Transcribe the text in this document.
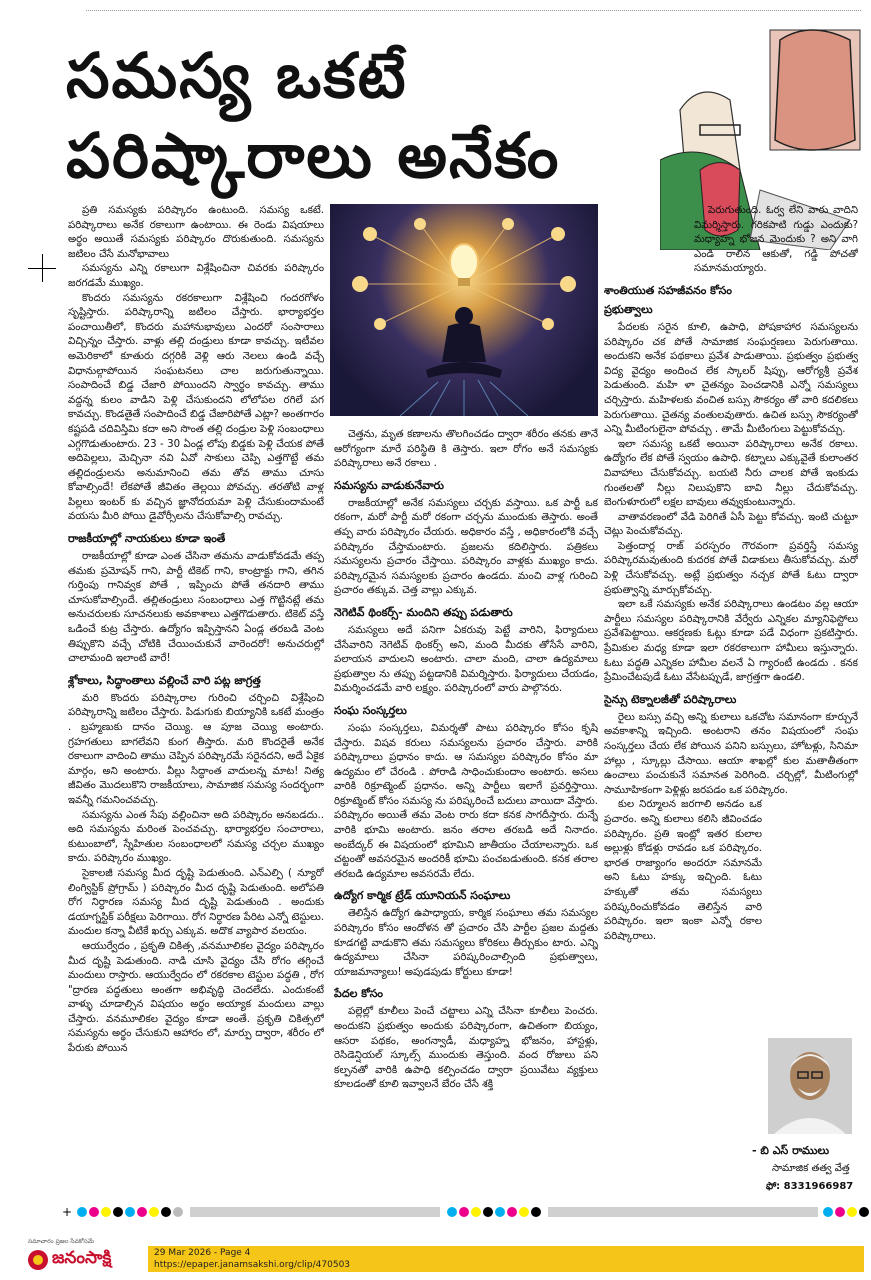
సమస్య ఒకటే
పరిష్కారాలు అనేకం

ప్రతి సమస్యకు పరిష్కారం ఉంటుంది. సమస్య ఒకటే. పరిష్కారాలు అనేక రకాలుగా ఉంటాయి. ఈ రెండు విషయాలు అర్థం అయితే సమస్యకు పరిష్కారం దొరుకుతుంది. సమస్యను జటిలం చేసే మనోభావాలు

సమస్యను ఎన్ని రకాలుగా విశ్లేషించినా చివరకు పరిష్కారం జరగడమే ముఖ్యం.

కొందరు సమస్యను రకరకాలుగా విశ్లేషించి గందరగోళం సృష్టిస్తారు. పరిష్కారాన్ని జటిలం చేస్తారు. భార్యాభర్తల పంచాయితీలో, కొందరు మహానుభావులు ఎందరో సంసారాలు విచ్చిన్నం చేస్తారు. వాళ్లు తల్లి దండ్రులు కూడా కావచ్చు. ఇటీవల అమెరికాలో కూతురు దగ్గరికి వెళ్లి ఆరు నెలలు ఉండి వచ్చే విధానుల్గాపోయిన సంఘటనలు చాల జరుగుతున్నాయి. సంపాదించే బిడ్డ చేజారి పోయిందని స్వార్థం కావచ్చు. తాము వద్దన్న కులం వాడిని పెళ్లి చేసుకుందని లోలోపల రగిలే పగ కావచ్చు. కొండతైతే సంపాదించే బిడ్డ చేజారిపోతే ఎట్లా? అంతగారం కష్టపడి చదివిస్తిమి కదా అని సొంత తల్లి దండ్రుల పెళ్లి సంబంధాలు ఎగ్గగొడుతుంటారు. 23 - 30 ఏండ్ల లోపు బిడ్డకు పెళ్లి చేయక పోతే అదిపెల్లలు, మెచ్చినా నవి ఏవో సాకులు చెప్పి ఎత్తగొట్టే తమ తల్లిదండ్రులను అనుమానించి తమ తోవ తాము చూసు కోవాల్సిందే! లేకపోతే జీవితం తెల్లయి పోవచ్చు. తరతోటి వాళ్ల పిల్లలు ఇంటర్ కు వచ్చిన జ్ఞానోదయమా పెళ్లి చేసుకుందామంటే వయసు మీరి పోయి డైవోర్సీలను చేసుకోవాల్సి రావచ్చు.

రాజకీయాల్లో నాయకులు కూడా ఇంతే

రాజకీయాల్లో కూడా ఎంత చేసినా తమను వాడుకోవడమే తప్ప తమకు ప్రమోషన్ గాని, పార్టీ టికెట్ గాని, కాంట్రాక్టు గాని, తగిన గుర్తింపు గానివ్వక పోతే , ఇప్పించు పోతే తనదారి తాము చూసుకోవాల్సిందే. తల్లితండ్రులు సంబంధాలు ఎత్త గొట్టినట్లే తమ అనుచరులకు సూచనలుకు అవకాశాలు ఎత్తగొడుతారు. టికెట్ వస్తే ఒడించే కుట్ర చేస్తారు. ఉద్యోగం ఇప్పిస్తానని ఏండ్ల తరబడి వెంట తిప్పుకొని వచ్చే చోటికి చేయించుకునే వారెందరో! అనుచరుల్లో చాలామంది ఇలాంటి వారే!

శ్లోకాలు, సిద్ధాంతాలు వల్లించే వారి పట్ల జాగ్రత్త

మరి కొందరు పరిష్కారాల గురించి చర్చించి విశ్లేషించి పరిష్కారాన్ని జటిలం చేస్తారు. పిడుగుకు బియ్యానికి ఒకటే మంత్రం . బ్రహ్మణుకు దానం చెయ్యి. ఆ పూజ చెయ్యి అంటారు. గ్రహగతులు బాగలేవని కుంగ తీస్తారు. మరి కొందరైతే అనేక రకాలుగా వాదించి తాము చెప్పిన పరిష్కారమే సరైనదని, అదే ఏకైక మార్గం, అని అంటారు. వీల్లు సిద్ధాంత వాదులన్న మాట! నిత్య జీవితం మొదలుకొని రాజకీయాలు, సామాజిక సమస్య సందర్భంగా ఇవన్నీ గమనించవచ్చు.

సమస్యను ఎంత సేపు వల్లించినా అది పరిష్కారం అనబడదు.. అది సమస్యను మరింత పెంచవచ్చు. భార్యాభర్తల సంచారాలు, కుటుంబాలో, స్నేహితుల సంబంధాలలో సమస్య చర్చల ముఖ్యం కాదు. పరిష్కారం ముఖ్యం.

సైకాలజీ సమస్య మీద దృష్టి పెడుతుంది. ఎన్ఎల్పి ( న్యూరో లింగ్విస్టిక్ ప్రోగ్రామ్ ) పరిష్కారం మీద దృష్టి పెడుతుంది. అలోపతి రోగ నిర్ధారణ సమస్య మీద దృష్టి పెడుతుంది . అందుకు డయాగ్నస్టిక్ పరీక్షలు పెరిగాయి. రోగ నిర్ధారణ పేరిట ఎన్నో టెస్టులు. మందుల కన్నా వీటికే ఖర్చు ఎక్కువ. అదొక వ్యాపార వలయం.

ఆయుర్వేదం , ప్రకృతి చికిత్స ,వనమూలికల వైద్యం పరిష్కారం మీద దృష్టి పెడుతుంది. నాడి చూసి వైద్యం చేసి రోగం తగ్గించే మందులు రాస్తారు. ఆయుర్వేదం లో రకరకాల టెస్టుల పద్ధతి , రోగ "ద్రారణ పద్ధతులు అంతగా అభివృద్ధి చెందలేదు. ఎందుకంటే వాళ్ళు చూడాల్సిన విషయం అర్థం అయ్యాక మందులు వాల్లు చేస్తారు. వనమూలికల వైద్యం కూడా అంతే. ప్రకృతి చికిత్సలో సమస్యను అర్థం చేసుకుని ఆహారం లో, మార్పు ద్వారా, శరీరం లో పేరుకు పోయిన

చెత్తను, మృత కణాలను తొలగించడం ద్వారా శరీరం తనకు తానే ఆరోగ్యంగా మారే పరిస్థితి కి తెస్తారు. ఇలా రోగం అనే సమస్యకు పరిష్కారాలు అనే రకాలు .

సమస్యను వాడుకునేవారు

రాజకీయాల్లో అనేక సమస్యలు చర్చకు వస్తాయి. ఒక పార్టీ ఒక రకంగా, మరో పార్టీ మరో రకంగా చర్చను ముందుకు తెస్తారు. అంతే తప్ప వారు పరిష్కారం చేయరు. అధికారం వస్తే , అధికారంలోకి వచ్చే పరిష్కారం చేస్తామంటారు. ప్రజలను కదిలిస్తారు. పత్రికలు సమస్యలను ప్రచారం చేస్తాయి. పరిష్కారం వాళ్లకు ముఖ్యం కాదు. పరిష్కారమైన సమస్యలకు ప్రచారం ఉండదు. మంచి వాళ్ల గురించి ప్రచారం తక్కువ. చెత్త వాల్లు ఎక్కువ.

నెగెటివ్ థింకర్స్- మందిని తప్పు పడుతారు

సమస్యలు అదే పనిగా ఏకరువు పెట్టే వారిని, ఫిర్యాదులు చేసేవారిని నెగెటివ్ థింకర్స్ అని, మంది మీదకు తోసేసే వారిని, పలాయన వాదులని అంటారు. చాలా మంది, చాలా ఉద్యమాలు ప్రభుత్వాల ను తప్పు పట్టడానికి విమర్శిస్తారు. ఫిర్యాదులు చేయడం, విమర్శించడమే వారి లక్ష్యం. పరిష్కారంలో వారు పాల్గొనరు.

సంఘ సంస్కర్తలు

సంఘ సంస్కర్తలు, విమర్శతో పాటు పరిష్కారం కోసం కృషి చేస్తారు. విషవ కరులు సమస్యలను ప్రచారం చేస్తారు. వారికి పరిష్కారాలు ప్రధానం కాదు. ఆ సమస్యల పరిష్కారం కోసం మా ఉద్యమం లో చేరండి . పోరాడి సాధించుకుందాం అంటారు. అసలు వారికి రిక్రూట్మెంట్ ప్రధానం. అన్ని పార్టీలు ఇలాగే ప్రవర్తిస్తాయి. రిక్రూట్మెంట్ కోసం సమస్య ను పరిష్కరించే బదులు వాయిదా వేస్తారు. పరిష్కారం అయితే తమ వెంట రారు కదా కనక సాగదీస్తారు. దున్నే వారికి భూమి అంటారు. జనం తరాల తరబడి అదే నినాదం. అంబేద్కర్ ఈ విషయంలో భూమిని జాతీయం చేయాలన్నారు. ఒక చట్టంతో అవసరమైన అందరికీ భూమి పంచబడుతుంది. కనక తరాల తరబడి ఉద్యమాల అవసరమే లేదు.

ఉద్యోగ కార్మిక ట్రేడ్ యూనియన్ సంఘాలు

తెలిస్తేన ఉద్యోగ ఉపాధ్యాయ, కార్మిక సంఘాలు తమ సమస్యల పరిష్కారం కోసం ఆందోళన తో ప్రచారం చేసి పార్టీల ప్రజల మద్దతు కూడగట్టి వాడుకొని తమ సమస్యలు కోరికలు తీర్చుకుం టారు. ఎన్ని ఉద్యమాలు చేసినా పరిష్కరించాల్సింది ప్రభుత్వాలు, యాజమాన్యాలు! అపుడపుడు కోర్టులు కూడా!

పేదల కోసం

పల్లెల్లో కూలీలు పెంచే చట్టాలు ఎన్ని చేసినా కూలీలు పెంచరు. అందుకని ప్రభుత్వం అందుకు పరిష్కారంగా, ఉచితంగా బియ్యం, ఆసరా పథకం, అంగన్వాడీ, మధ్యాహ్న భోజనం, హాస్టళ్లు, రెసిడెన్షియల్ స్కూల్స్ ముందుకు తెస్తుంది. వంద రోజులు పని కల్పనతో వారికి ఉపాధి కల్పించడం ద్వారా ప్రయివేటు వ్యక్తులు కూలడంతో కూలి ఇవ్వాలనే బేరం చేసే శక్తి

పెరుగుతుంది. ఓర్వ లేని వారు వాదిని విమర్శిస్తారు. గరికపాటి గుడ్డు ఎందుకు? మధ్యాహ్న భోజన మెందుకు ? అని వాగి ఎండి రాలిన ఆకుతో, గడ్డి పోచతో సమానమయ్యారు.

శాంతియుత సహజీవనం కోసం
ప్రభుత్వాలు

పేదలకు సరైన కూలి, ఉపాధి, పోషకాహార సమస్యలను పరిష్కారం చక పోతే సామాజిక సంఘర్షణలు పెరుగుతాయి. అందుకని అనేక పథకాలు ప్రవేశ పాడుతాయి. ప్రభుత్వం ప్రభుత్వ విద్య వైద్యం అందించ లేక స్కాలర్ షిప్పు, ఆరోగ్యశ్రీ ప్రవేశ పెడుతుంది. మహి ళా చైతన్యం పెంచడానికి ఎన్నో సమస్యలు చర్చిస్తారు. మహిళలకు వంచిత బస్సు సౌకర్యం తో వారి కదలికలు పెరుగుతాయి. చైతన్య వంతులవుతారు. ఉచిత బస్సు సౌకర్యంతో ఎన్ని మీటింగులైనా పోవచ్చు . తామే మీటింగులు పెట్టుకోవచ్చు.

ఇలా సమస్య ఒకటే అయినా పరిష్కారాలు అనేక రకాలు. ఉద్యోగం లేక పోతే స్వయం ఉపాధి. కట్నాలు ఎక్కువైతే కులాంతర వివాహాలు చేసుకోవచ్చు. బయటి నీరు చాలక పోతే ఇంకుడు గుంతలతో నీల్లు నిలుపుకొని బావి నీల్లు చేదుకోవచ్చు. బెంగుళూరులో లక్షల బావులు తవ్వుకుంటున్నారు.

వాతావరణంలో వేడి పెరిగితే ఏసీ పెట్టు కోవచ్చు. ఇంటి చుట్టూ చెట్లు పెంచుకోవచ్చు.

పెత్తందార్ల రాజ్ పరస్పరం గౌరవంగా ప్రవర్తిస్తే సమస్య పరిష్కారమవుతుంది కుదరక పోతే విడాకులు తీసుకోవచ్చు. మరో పెళ్లి చేసుకోవచ్చు. అట్లే ప్రభుత్వం నచ్చక పోతే ఓటు ద్వారా ప్రభుత్వాన్ని మార్చుకోవచ్చు.

ఇలా ఒకే సమస్యకు అనేక పరిష్కారాలు ఉండటం వల్ల ఆయా పార్టీలు సమస్యల పరిష్కారానికి వేర్వేరు ఎన్నికల మ్యానిఫెస్టోలు ప్రవేశపెట్టాయి. ఆకర్షణకు ఓట్లు కూడా పడే విధంగా ప్రకటిస్తారు. ప్రేమికుల మధ్య కూడా ఇలా రకరకాలుగా హామీలు ఇస్తున్నారు. ఓటు పద్ధతి ఎన్నికల హామీల వలనే ఏ గ్యారంటీ ఉండదు . కనక ప్రేమించేటపుడే ఓటు వేసేటప్పుడే, జాగ్రత్తగా ఉండలి.

సైన్సు టెక్నాలజీతో పరిష్కారాలు

రైలు బస్సు వచ్చి అన్ని కులాలు ఒకచోట సమానంగా కూర్చునే అవకాశాన్ని ఇచ్చింది. అంటరాని తనం విషయంలో సంఘ సంస్కర్తలు చేయ లేక పోయిన పనిని బస్సులు, హోటళ్లు, సినిమా హాల్లు , స్కూల్లు చేసాయి. ఆయా శాఖల్లో కుల మతాతీతంగా ఉంచాలు పంచుకునే సమానత పెరిగింది. చర్చిల్లో, మీటింగుల్లో సామూహికంగా పెళ్లిళ్లు జరపడం ఒక పరిష్కారం.

కుల నిర్మూలన జరగాలి అనడం ఒక ప్రచారం. అన్ని కులాలు కలిసి జీవించడం పరిష్కారం. ప్రతి ఇంట్లో ఇతర కులాల అల్లుళ్లు కోడళ్లు రావడం ఒక పరిష్కారం. భారత రాజ్యాంగం అందరూ సమానమే అని ఓటు హక్కు ఇచ్చింది. ఓటు హక్కుతో తమ సమస్యలు పరిష్కరించుకోవడం తెలిస్తేన వారి పరిష్కారం. ఇలా ఇంకా ఎన్నో రకాల పరిష్కారాలు.

- బి ఎస్ రాములు
సామాజిక తత్వ వేత్త
ఫో: 8331966987
+
సమాచారం ప్రజల సేవకోసమే
జనంసాక్షి	29 Mar 2026 - Page 4
https://epaper.janamsakshi.org/clip/470503
